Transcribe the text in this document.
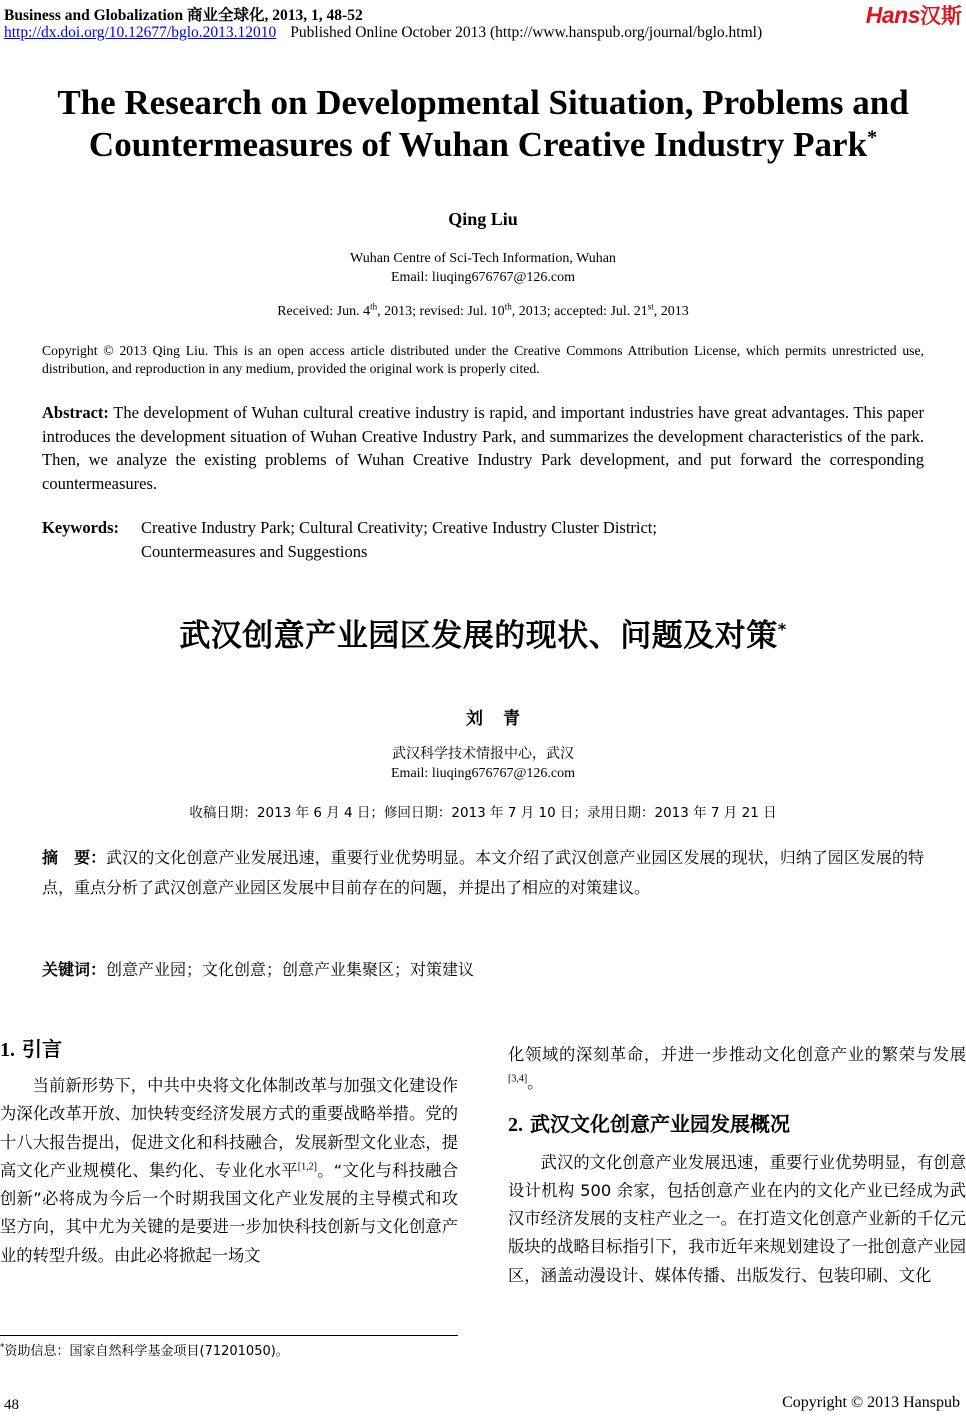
Business and Globalization 商业全球化, 2013, 1, 48-52
http://dx.doi.org/10.12677/bglo.2013.12010 Published Online October 2013 (http://www.hanspub.org/journal/bglo.html)
Hans汉斯
The Research on Developmental Situation, Problems and
Countermeasures of Wuhan Creative Industry Park*
Qing Liu
Wuhan Centre of Sci-Tech Information, Wuhan
Email: liuqing676767@126.com
Received: Jun. 4th, 2013; revised: Jul. 10th, 2013; accepted: Jul. 21st, 2013
Copyright © 2013 Qing Liu. This is an open access article distributed under the Creative Commons Attribution License, which permits unrestricted use, distribution, and reproduction in any medium, provided the original work is properly cited.
Abstract: The development of Wuhan cultural creative industry is rapid, and important industries have great advantages. This paper introduces the development situation of Wuhan Creative Industry Park, and summarizes the development characteristics of the park. Then, we analyze the existing problems of Wuhan Creative Industry Park development, and put forward the corresponding countermeasures.
Keywords:	Creative Industry Park; Cultural Creativity; Creative Industry Cluster District;
Countermeasures and Suggestions
武汉创意产业园区发展的现状、问题及对策*
刘青
武汉科学技术情报中心，武汉
Email: liuqing676767@126.com
收稿日期：2013 年 6 月 4 日；修回日期：2013 年 7 月 10 日；录用日期：2013 年 7 月 21 日
摘　要：武汉的文化创意产业发展迅速，重要行业优势明显。本文介绍了武汉创意产业园区发展的现状，归纳了园区发展的特点，重点分析了武汉创意产业园区发展中目前存在的问题，并提出了相应的对策建议。
关键词：创意产业园；文化创意；创意产业集聚区；对策建议
1. 引言

当前新形势下，中共中央将文化体制改革与加强文化建设作为深化改革开放、加快转变经济发展方式的重要战略举措。党的十八大报告提出，促进文化和科技融合，发展新型文化业态，提高文化产业规模化、集约化、专业化水平[1,2]。“文化与科技融合创新”必将成为今后一个时期我国文化产业发展的主导模式和攻坚方向，其中尤为关键的是要进一步加快科技创新与文化创意产业的转型升级。由此必将掀起一场文

*资助信息：国家自然科学基金项目(71201050)。

化领域的深刻革命，并进一步推动文化创意产业的繁荣与发展[3,4]。

2. 武汉文化创意产业园发展概况

武汉的文化创意产业发展迅速，重要行业优势明显，有创意设计机构 500 余家，包括创意产业在内的文化产业已经成为武汉市经济发展的支柱产业之一。在打造文化创意产业新的千亿元版块的战略目标指引下，我市近年来规划建设了一批创意产业园区，涵盖动漫设计、媒体传播、出版发行、包装印刷、文化

48	Copyright © 2013 Hanspub
